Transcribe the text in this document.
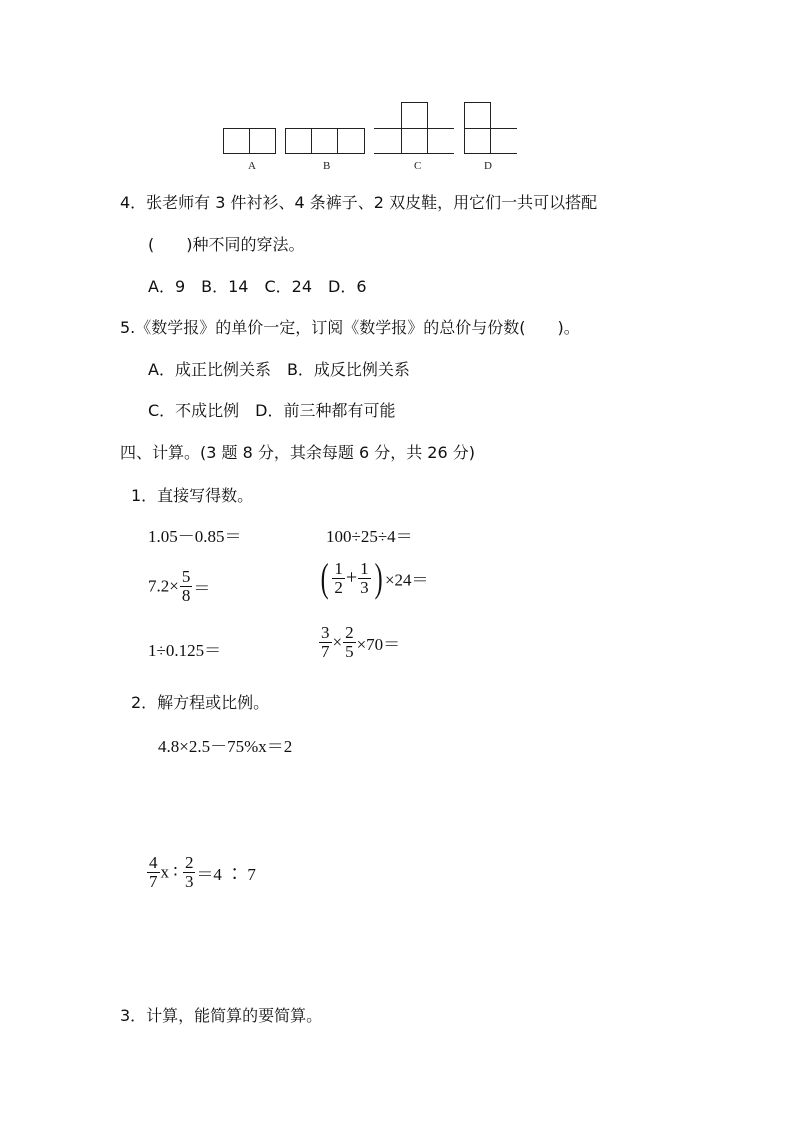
A	B	C	D
4．张老师有 3 件衬衫、4 条裤子、2 双皮鞋，用它们一共可以搭配
(　　)种不同的穿法。
A．9　B．14　C．24　D．6
5.《数学报》的单价一定，订阅《数学报》的总价与份数(　　)。
A．成正比例关系　B．成反比例关系
C．不成比例　D．前三种都有可能
四、计算。(3 题 8 分，其余每题 6 分，共 26 分)
1．直接写得数。
1.05－0.85＝	100÷25÷4＝
$7.2\times \frac{5}{8}$ ＝	( $\frac{1}{2} + \frac{1}{3}$ ) ×24＝
1÷0.125＝	$\frac{3}{7} \times \frac{2}{5} \times 70=$
2．解方程或比例。
4.8×2.5－75%x＝2
$\frac{4}{7}$ x ∶ $\frac{2}{3} =4$ ∶ 7
3．计算，能简算的要简算。
